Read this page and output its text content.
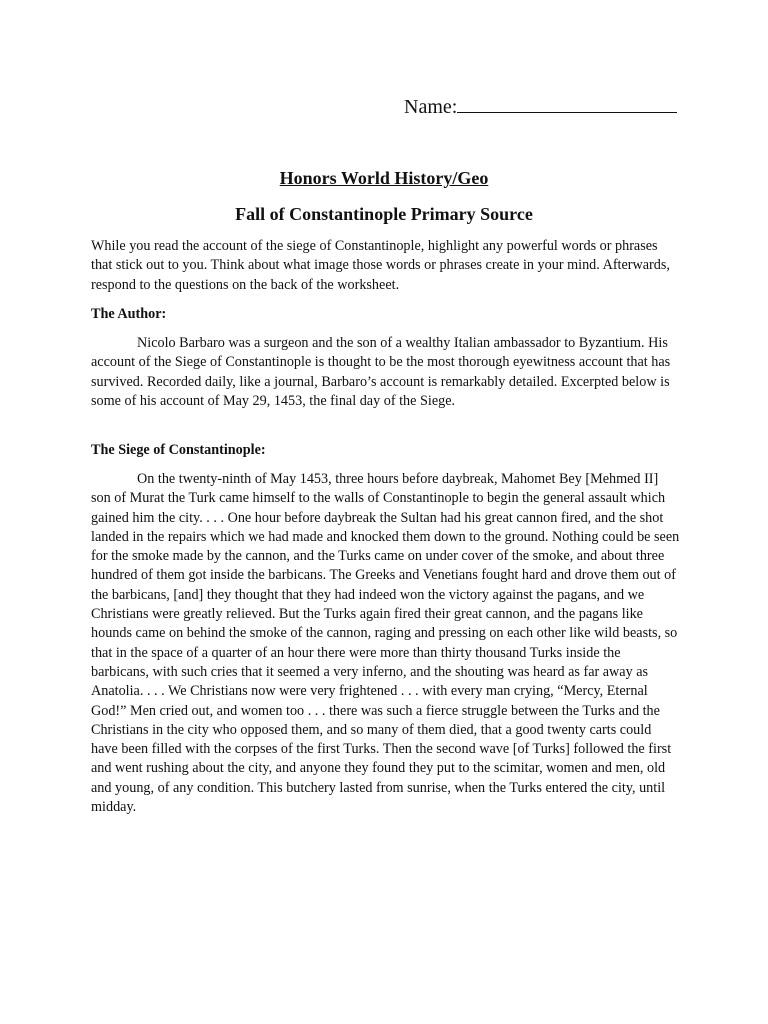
Name:
Honors World History/Geo
Fall of Constantinople Primary Source
While you read the account of the siege of Constantinople, highlight any powerful words or phrases that stick out to you. Think about what image those words or phrases create in your mind. Afterwards, respond to the questions on the back of the worksheet.
The Author:

Nicolo Barbaro was a surgeon and the son of a wealthy Italian ambassador to Byzantium. His account of the Siege of Constantinople is thought to be the most thorough eyewitness account that has survived. Recorded daily, like a journal, Barbaro’s account is remarkably detailed. Excerpted below is some of his account of May 29, 1453, the final day of the Siege.

The Siege of Constantinople:

On the twenty-ninth of May 1453, three hours before daybreak, Mahomet Bey [Mehmed II] son of Murat the Turk came himself to the walls of Constantinople to begin the general assault which gained him the city. . . . One hour before daybreak the Sultan had his great cannon fired, and the shot landed in the repairs which we had made and knocked them down to the ground. Nothing could be seen for the smoke made by the cannon, and the Turks came on under cover of the smoke, and about three hundred of them got inside the barbicans. The Greeks and Venetians fought hard and drove them out of the barbicans, [and] they thought that they had indeed won the victory against the pagans, and we Christians were greatly relieved. But the Turks again fired their great cannon, and the pagans like hounds came on behind the smoke of the cannon, raging and pressing on each other like wild beasts, so that in the space of a quarter of an hour there were more than thirty thousand Turks inside the barbicans, with such cries that it seemed a very inferno, and the shouting was heard as far away as Anatolia. . . . We Christians now were very frightened . . . with every man crying, “Mercy, Eternal God!” Men cried out, and women too . . . there was such a fierce struggle between the Turks and the Christians in the city who opposed them, and so many of them died, that a good twenty carts could have been filled with the corpses of the first Turks. Then the second wave [of Turks] followed the first and went rushing about the city, and anyone they found they put to the scimitar, women and men, old and young, of any condition. This butchery lasted from sunrise, when the Turks entered the city, until midday.
